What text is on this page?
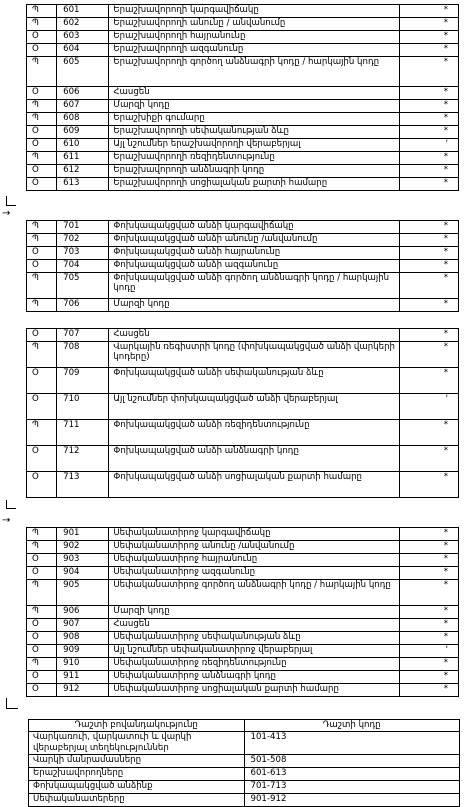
Պ	601	Երաշխավորողի կարգավիճակը	*
Պ	602	Երաշխավորողի անունը / անվանումը	*
Օ	603	Երաշխավորողի հայրանունը	*
Օ	604	Երաշխավորողի ազգանունը	*
Պ	605	Երաշխավորողի գործող անձնագրի կոդը / հարկային կոդը	*
Օ	606	Հասցեն	*
Պ	607	Մարզի կոդը	*
Պ	608	Երաշխիքի գումարը	*
Օ	609	Երաշխավորողի սեփականության ձևը	*
Օ	610	Այլ նշումներ երաշխավորողի վերաբերյալ	'
Պ	611	Երաշխավորողի ռեզիդենտությունը	*
Օ	612	Երաշխավորողի անձնագրի կոդը	*
Օ	613	Երաշխավորողի սոցիալական քարտի համարը	*
→
Պ	701	Փոխկապակցված անձի կարգավիճակը	*
Պ	702	Փոխկապակցված անձի անունը /անվանումը	*
Օ	703	Փոխկապակցված անձի հայրանունը	*
Օ	704	Փոխկապակցված անձի ազգանունը	*
Պ	705	Փոխկապակցված անձի գործող անձնագրի կոդը / հարկային կոդը	*
Պ	706	Մարզի կոդը	*
Օ	707	Հասցեն	*
Պ	708	Վարկային ռեգիստրի կոդը (փոխկապակցված անձի վարկերի կոդերը)	*
Օ	709	Փոխկապակցված անձի սեփականության ձևը	*
Օ	710	Այլ նշումներ փոխկապակցված անձի վերաբերյալ	'
Պ	711	Փոխկապակցված անձի ռեզիդենտությունը	*
Օ	712	Փոխկապակցված անձի անձնագրի կոդը	*
Օ	713	Փոխկապակցված անձի սոցիալական քարտի համարը	*
→
Պ	901	Սեփականատիրոջ կարգավիճակը	*
Պ	902	Սեփականատիրոջ անունը /անվանումը	*
Օ	903	Սեփականատիրոջ հայրանունը	*
Օ	904	Սեփականատիրոջ ազգանունը	*
Պ	905	Սեփականատիրոջ գործող անձնագրի կոդը / հարկային կոդը	*
Պ	906	Մարզի կոդը	*
Օ	907	Հասցեն	*
Օ	908	Սեփականատիրոջ սեփականության ձևը	*
Օ	909	Այլ նշումներ սեփականատիրոջ վերաբերյալ	'
Պ	910	Սեփականատիրոջ ռեզիդենտությունը	*
Օ	911	Սեփականատիրոջ անձնագրի կոդը	*
Օ	912	Սեփականատիրոջ սոցիալական քարտի համարը	*
Դաշտի բովանդակությունը	Դաշտի կոդը
Վարկառուի, վարկատուի և վարկի վերաբերյալ տեղեկություններ	101-413
Վարկի մանրամասները	501-508
Երաշխավորողները	601-613
Փոխկապակցված անձինք	701-713
Սեփականատերերը	901-912
